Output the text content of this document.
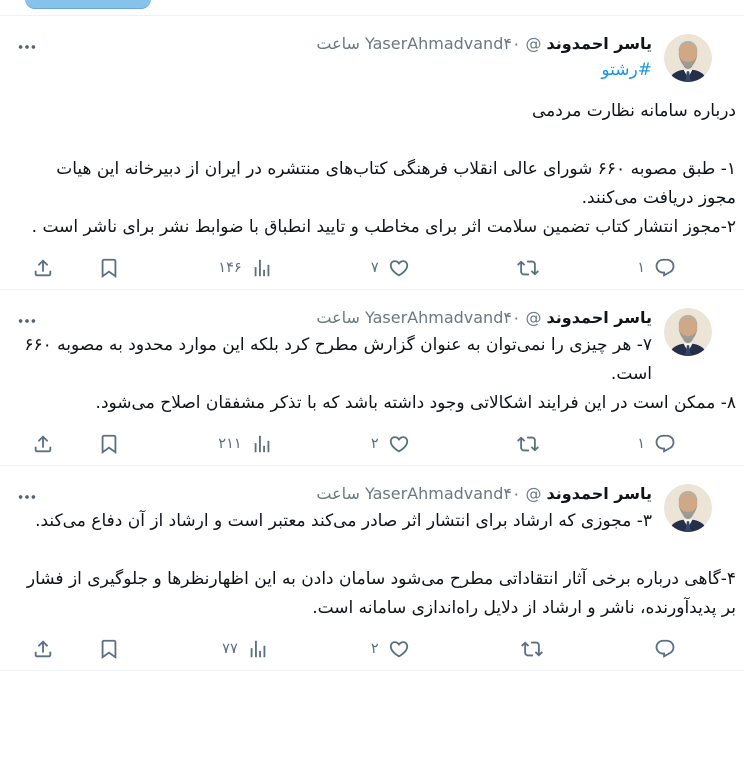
یاسر احمدوند@YaserAhmadvand۴۰ ساعت
#رشتو

درباره سامانه نظارت مردمی

۱- طبق مصوبه ۶۶۰ شورای عالی انقلاب فرهنگی کتاب‌های منتشره در ایران از دبیرخانه این هیات مجوز دریافت می‌کنند.

۲-مجوز انتشار کتاب تضمین سلامت اثر برای مخاطب و تایید انطباق با ضوابط نشر برای ناشر است .

۱
۷
۱۴۶
یاسر احمدوند@YaserAhmadvand۴۰ ساعت

۷- هر چیزی را نمی‌توان به عنوان گزارش مطرح کرد بلکه این موارد محدود به مصوبه ۶۶۰ است.

۸- ممکن است در این فرایند اشکالاتی وجود داشته باشد که با تذکر مشفقان اصلاح می‌شود.

۱
۲
۲۱۱
یاسر احمدوند@YaserAhmadvand۴۰ ساعت

۳- مجوزی که ارشاد برای انتشار اثر صادر می‌کند معتبر است و ارشاد از آن دفاع می‌کند.

۴-گاهی درباره برخی آثار انتقاداتی مطرح می‌شود سامان دادن به این اظهارنظرها و جلوگیری از فشار بر پدیدآورنده، ناشر و ارشاد از دلایل راه‌اندازی سامانه است.

۲
۷۷
